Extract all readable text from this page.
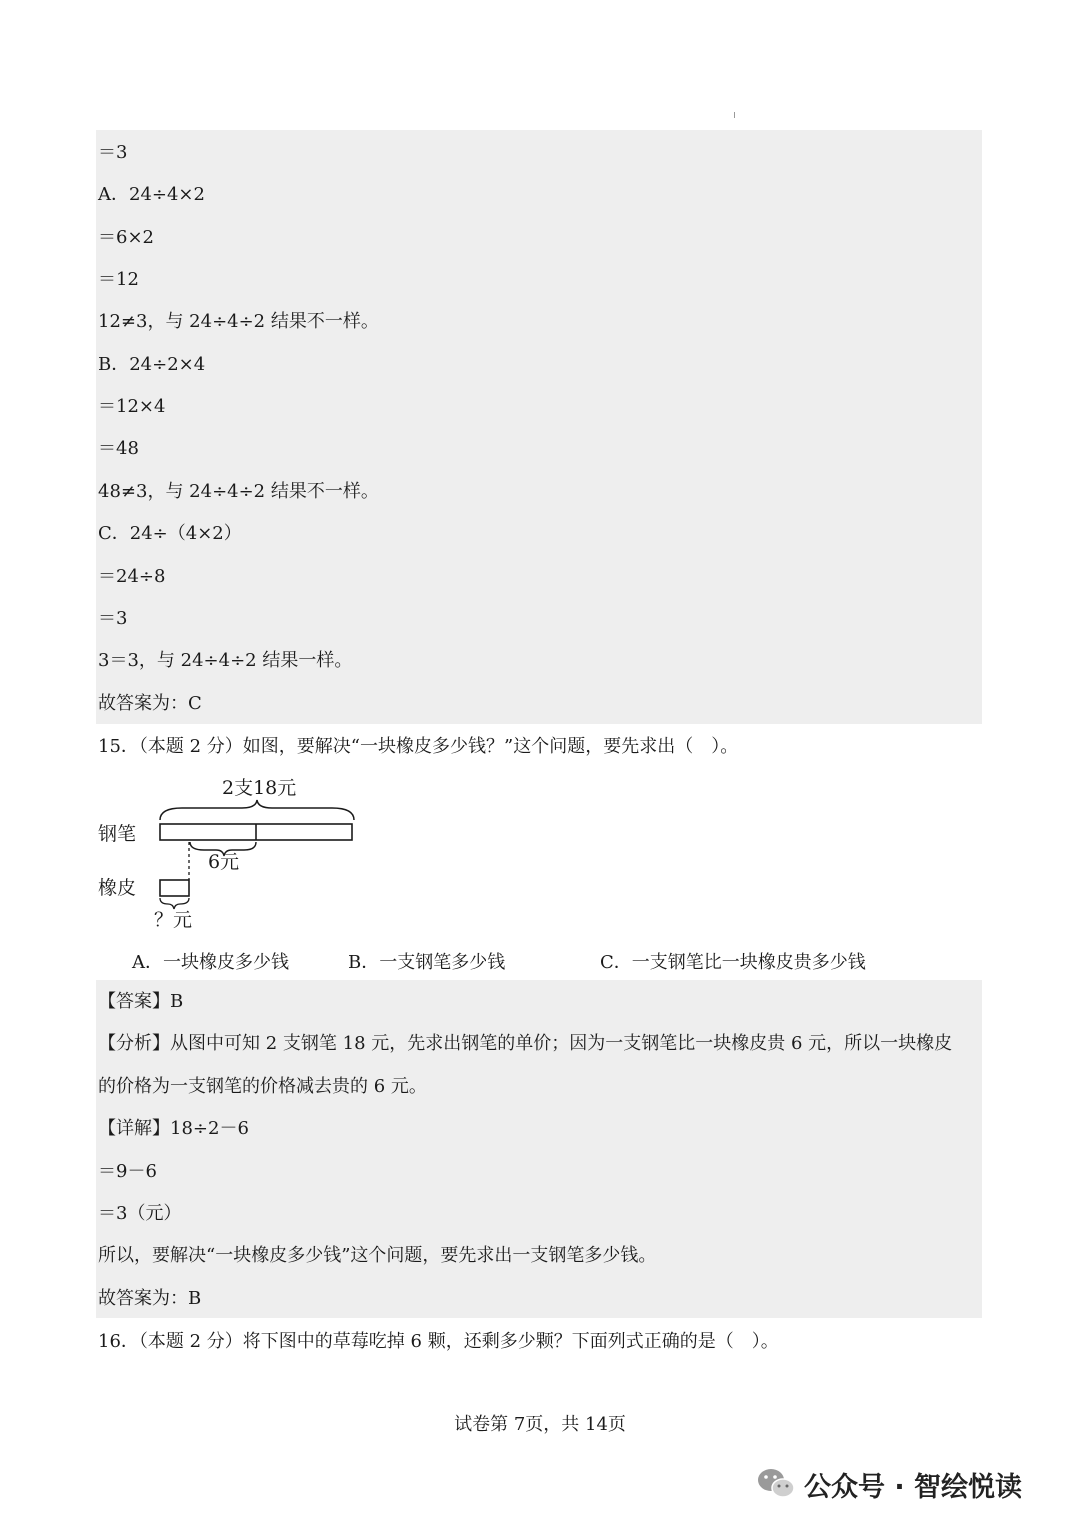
＝3
A．24÷4×2
＝6×2
＝12
12≠3，与 24÷4÷2 结果不一样。
B．24÷2×4
＝12×4
＝48
48≠3，与 24÷4÷2 结果不一样。
C．24÷（4×2）
＝24÷8
＝3
3＝3，与 24÷4÷2 结果一样。
故答案为：C
15．（本题 2 分）如图，要解决“一块橡皮多少钱？”这个问题，要先求出（　）。
2支18元
钢笔
6元
橡皮
？元
A．一块橡皮多少钱	B．一支钢笔多少钱	C．一支钢笔比一块橡皮贵多少钱
【答案】B
【分析】从图中可知 2 支钢笔 18 元，先求出钢笔的单价；因为一支钢笔比一块橡皮贵 6 元，所以一块橡皮
的价格为一支钢笔的价格减去贵的 6 元。
【详解】18÷2－6
＝9－6
＝3（元）
所以，要解决“一块橡皮多少钱”这个问题，要先求出一支钢笔多少钱。
故答案为：B
16．（本题 2 分）将下图中的草莓吃掉 6 颗，还剩多少颗？下面列式正确的是（　）。
试卷第 7页，共 14页
公众号 · 智绘悦读
